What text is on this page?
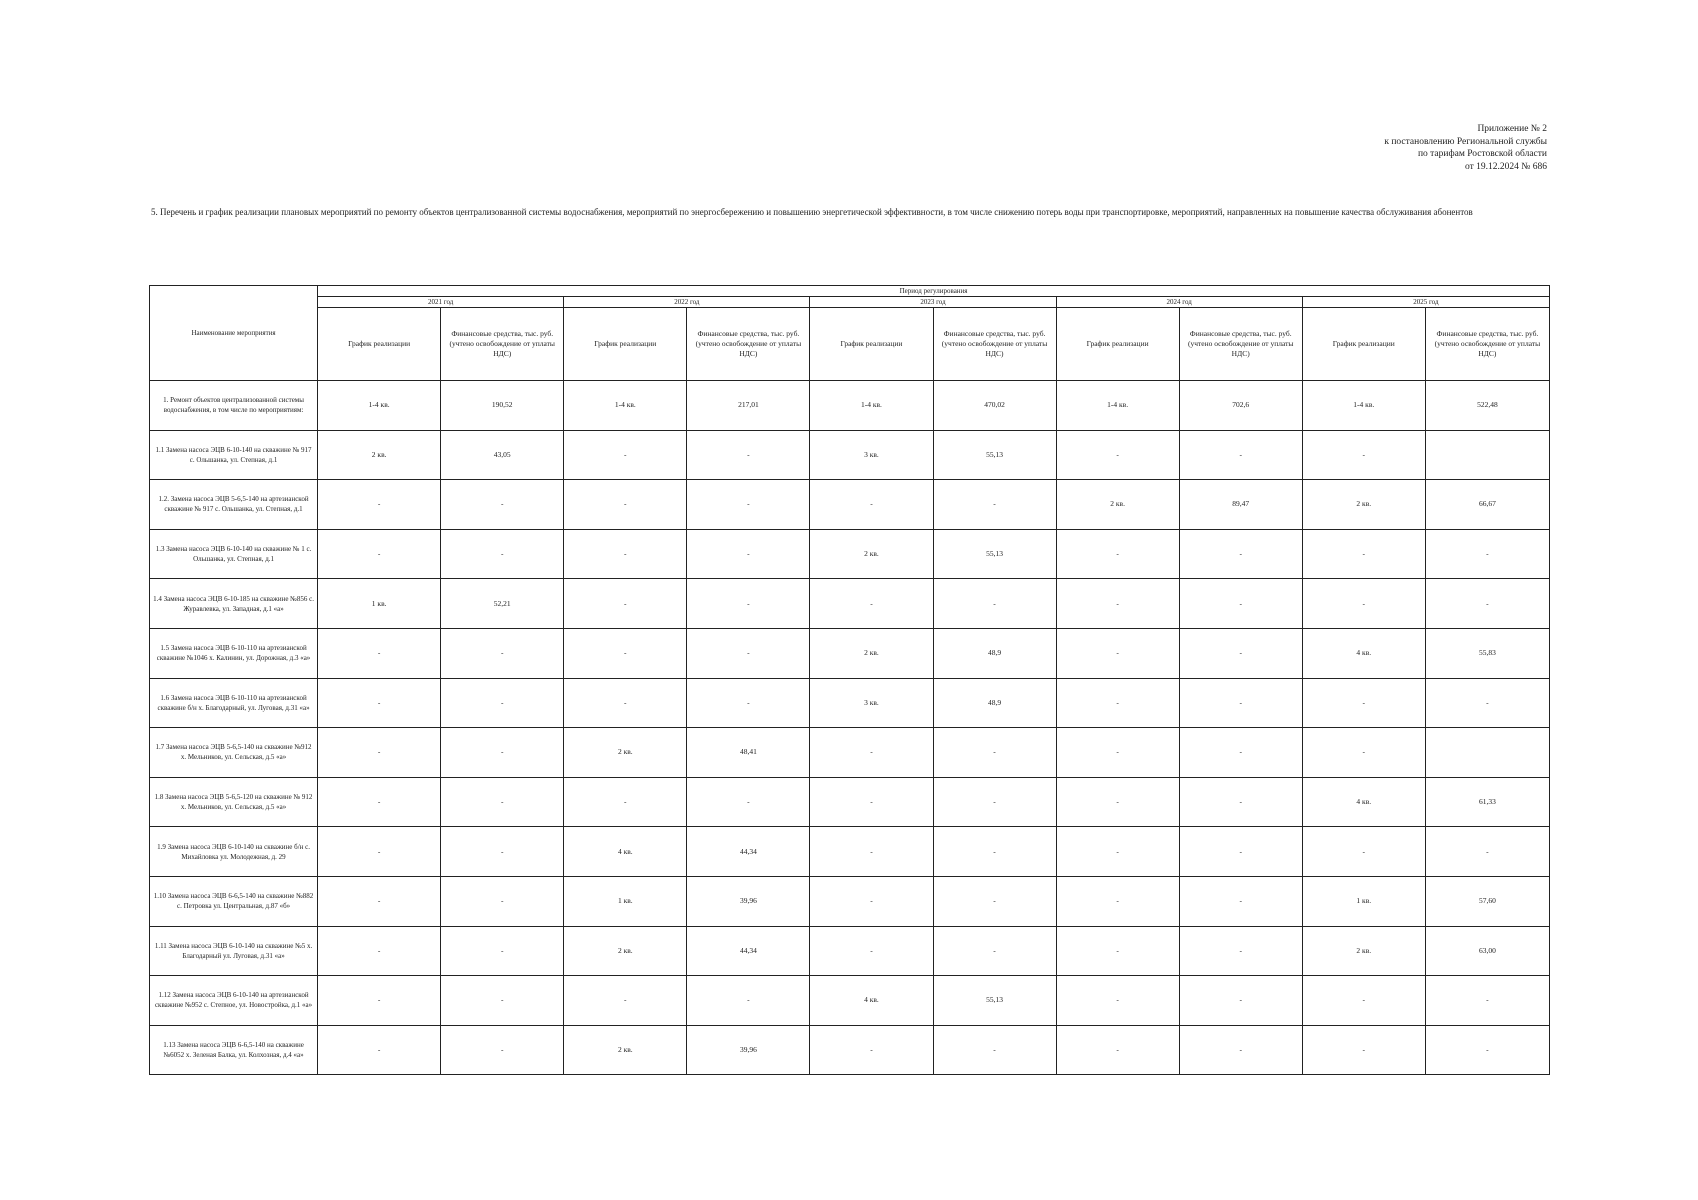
Приложение № 2
к постановлению Региональной службы
по тарифам Ростовской области
от 19.12.2024 № 686
5. Перечень и график реализации плановых мероприятий по ремонту объектов централизованной системы водоснабжения, мероприятий по энергосбережению и повышению энергетической эффективности, в том числе снижению потерь воды при транспортировке, мероприятий, направленных на повышение качества обслуживания абонентов
Наименование мероприятия	Период регулирования									
	2021 год		2022 год		2023 год		2024 год		2025 год	
	График реализации	Финансовые средства, тыс. руб. (учтено освобождение от уплаты НДС)	График реализации	Финансовые средства, тыс. руб. (учтено освобождение от уплаты НДС)	График реализации	Финансовые средства, тыс. руб. (учтено освобождение от уплаты НДС)	График реализации	Финансовые средства, тыс. руб. (учтено освобождение от уплаты НДС)	График реализации	Финансовые средства, тыс. руб. (учтено освобождение от уплаты НДС)
1. Ремонт объектов централизованной системы водоснабжения, в том числе по мероприятиям:	1-4 кв.	190,52	1-4 кв.	217,01	1-4 кв.	470,02	1-4 кв.	702,6	1-4 кв.	522,48
1.1 Замена насоса ЭЦВ 6-10-140 на скважине № 917 с. Ольшанка, ул. Степная, д.1	2 кв.	43,05	-	-	3 кв.	55,13	-	-	-	
1.2. Замена насоса ЭЦВ 5-6,5-140 на артезианской скважине № 917 с. Ольшанка, ул. Степная, д.1	-	-	-	-	-	-	2 кв.	89,47	2 кв.	66,67
1.3 Замена насоса ЭЦВ 6-10-140 на скважине № 1 с. Ольшанка, ул. Степная, д.1	-	-	-	-	2 кв.	55,13	-	-	-	-
1.4 Замена насоса ЭЦВ 6-10-185 на скважине №856 с. Журавлевка, ул. Западная, д.1 «а»	1 кв.	52,21	-	-	-	-	-	-	-	-
1.5 Замена насоса ЭЦВ 6-10-110 на артезианской скважине №1046 х. Калинин, ул. Дорожная, д.3 «а»	-	-	-	-	2 кв.	48,9	-	-	4 кв.	55,83
1.6 Замена насоса ЭЦВ 6-10-110 на артезианской скважине б/н х. Благодарный, ул. Луговая, д.31 «а»	-	-	-	-	3 кв.	48,9	-	-	-	-
1.7 Замена насоса ЭЦВ 5-6,5-140 на скважине №912 х. Мельников, ул. Сельская, д.5 «а»	-	-	2 кв.	48,41	-	-	-	-	-	
1.8 Замена насоса ЭЦВ 5-6,5-120 на скважине № 912 х. Мельников, ул. Сельская, д.5 «а»	-	-	-	-	-	-	-	-	4 кв.	61,33
1.9 Замена насоса ЭЦВ 6-10-140 на скважине б/н с. Михайловка ул. Молодежная, д. 29	-	-	4 кв.	44,34	-	-	-	-	-	-
1.10 Замена насоса ЭЦВ 6-6,5-140 на скважине №882 с. Петровка ул. Центральная, д.87 «б»	-	-	1 кв.	39,96	-	-	-	-	1 кв.	57,60
1.11 Замена насоса ЭЦВ 6-10-140 на скважине №5 х. Благодарный ул. Луговая, д.31 «а»	-	-	2 кв.	44,34	-	-	-	-	2 кв.	63,00
1.12 Замена насоса ЭЦВ 6-10-140 на артезианской скважине №952 с. Степное, ул. Новостройка, д.1 «а»	-	-	-	-	4 кв.	55,13	-	-	-	-
1.13 Замена насоса ЭЦВ 6-6,5-140 на скважине №6052 х. Зеленая Балка, ул. Колхозная, д.4 «а»	-	-	2 кв.	39,96	-	-	-	-	-	-
